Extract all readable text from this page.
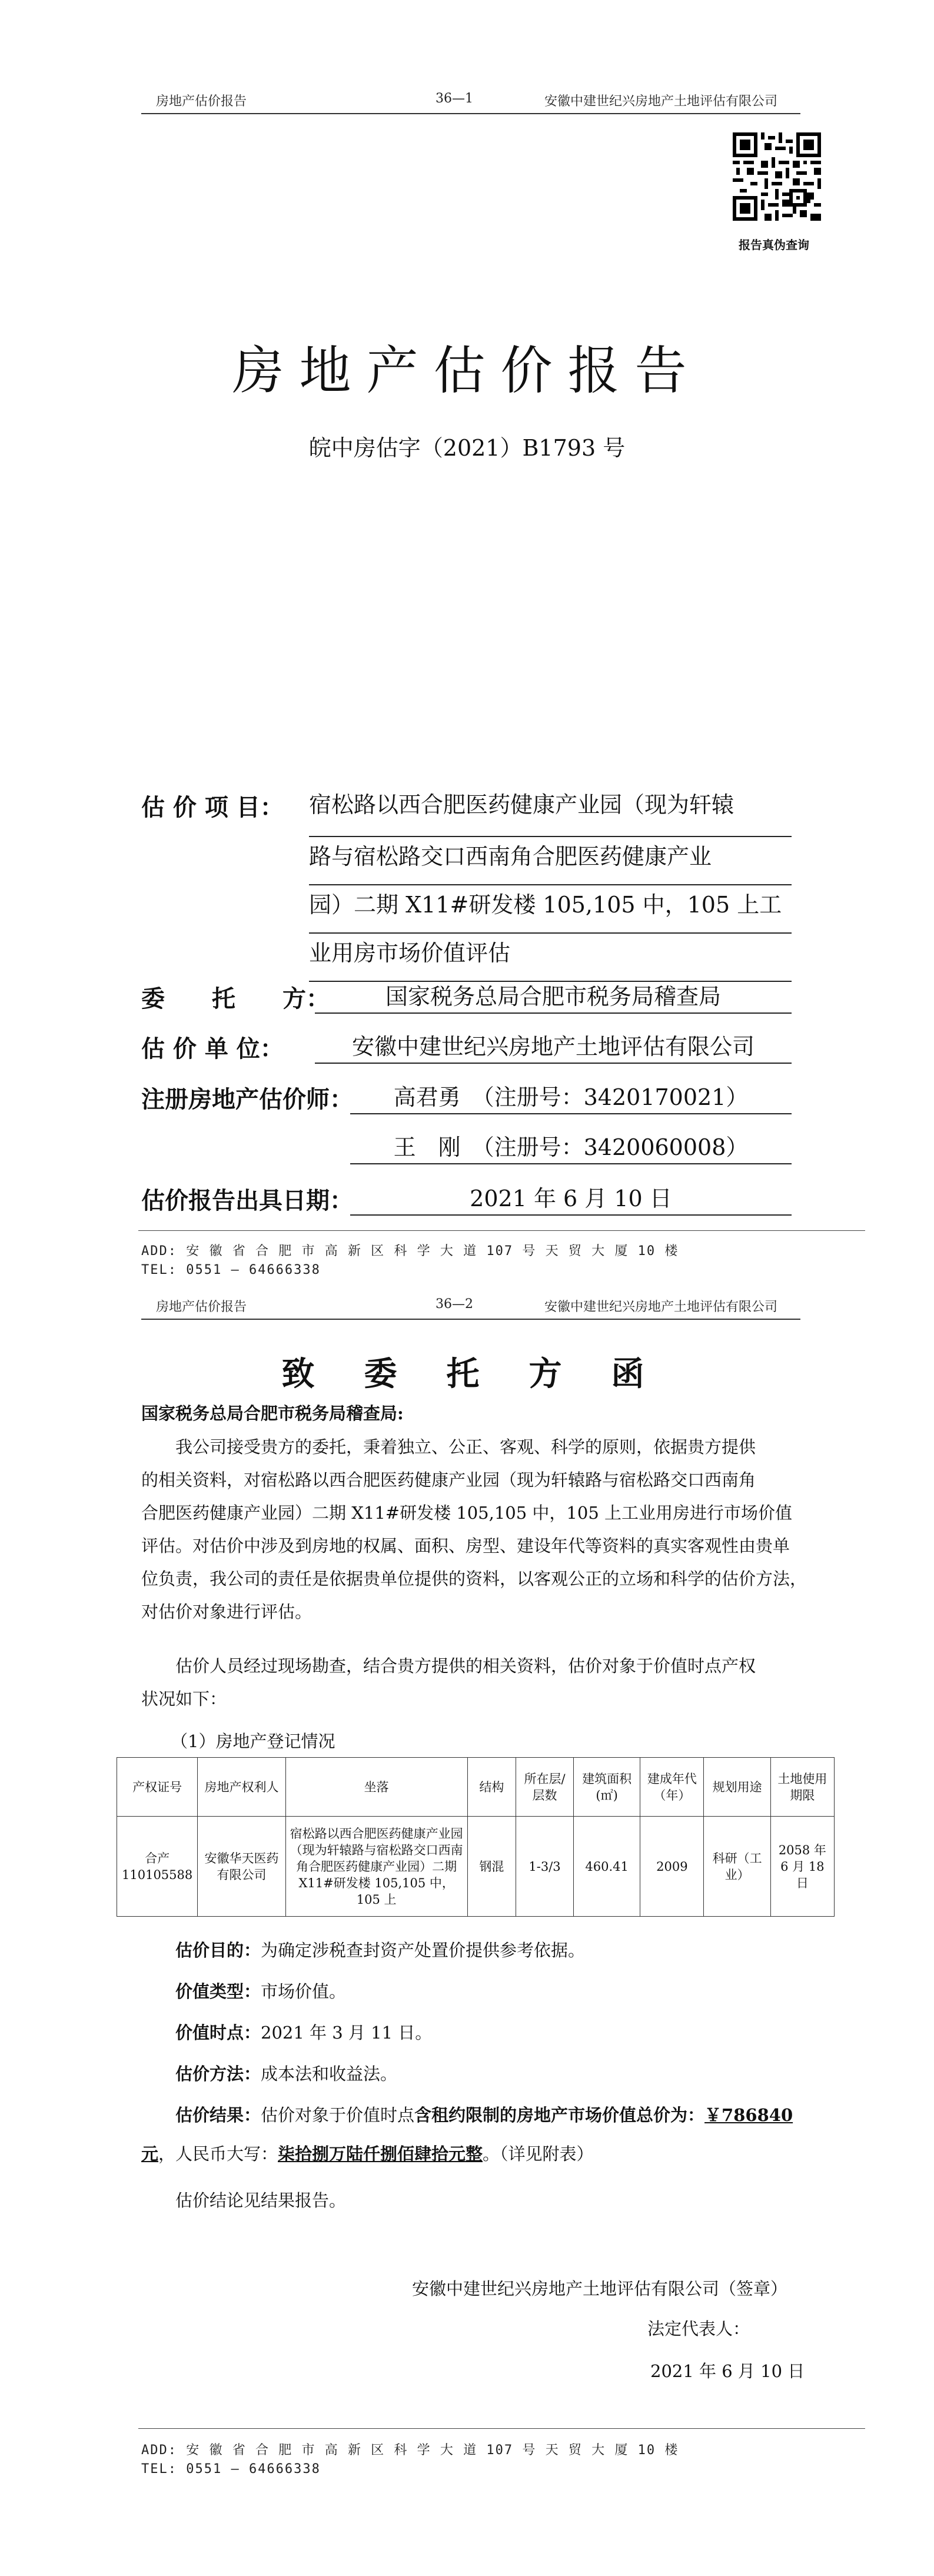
房地产估价报告	36—1	安徽中建世纪兴房地产土地评估有限公司
报告真伪查询
房地产估价报告
皖中房估字（2021）B1793 号
估 价 项 目： 宿松路以西合肥医药健康产业园（现为轩辕
路与宿松路交口西南角合肥医药健康产业
园）二期 X11#研发楼 105,105 中，105 上工
业用房市场价值评估
委　　托　　方：	国家税务总局合肥市税务局稽查局
估 价 单 位：	安徽中建世纪兴房地产土地评估有限公司
注册房地产估价师：	高君勇　（注册号：3420170021）
王　刚　（注册号：3420060008）
估价报告出具日期：	2021 年 6 月 10 日
ADD: 安 徽 省 合 肥 市 高 新 区 科 学 大 道 107 号 天 贸 大 厦 10 楼
TEL: 0551 — 64666338
房地产估价报告	36—2	安徽中建世纪兴房地产土地评估有限公司
致　委　托　方　函
国家税务总局合肥市税务局稽查局:
我公司接受贵方的委托，秉着独立、公正、客观、科学的原则，依据贵方提供
的相关资料，对宿松路以西合肥医药健康产业园（现为轩辕路与宿松路交口西南角
合肥医药健康产业园）二期 X11#研发楼 105,105 中，105 上工业用房进行市场价值
评估。对估价中涉及到房地的权属、面积、房型、建设年代等资料的真实客观性由贵单
位负责，我公司的责任是依据贵单位提供的资料，以客观公正的立场和科学的估价方法，
对估价对象进行评估。
估价人员经过现场勘查，结合贵方提供的相关资料，估价对象于价值时点产权
状况如下：
（1）房地产登记情况
产权证号	房地产权利人	坐落	结构	所在层/层数	建筑面积(㎡)	建成年代（年）	规划用途	土地使用期限
合产 110105588	安徽华天医药有限公司	宿松路以西合肥医药健康产业园（现为轩辕路与宿松路交口西南角合肥医药健康产业园）二期 X11#研发楼 105,105 中，105 上	钢混	1-3/3	460.41	2009	科研（工业）	2058 年 6 月 18 日
估价目的：为确定涉税查封资产处置价提供参考依据。
价值类型：市场价值。
价值时点：2021 年 3 月 11 日。
估价方法：成本法和收益法。
估价结果：估价对象于价值时点含租约限制的房地产市场价值总价为：￥786840
元，人民币大写：柒拾捌万陆仟捌佰肆拾元整。（详见附表）
估价结论见结果报告。
安徽中建世纪兴房地产土地评估有限公司（签章）
法定代表人：
2021 年 6 月 10 日
ADD: 安 徽 省 合 肥 市 高 新 区 科 学 大 道 107 号 天 贸 大 厦 10 楼
TEL: 0551 — 64666338
